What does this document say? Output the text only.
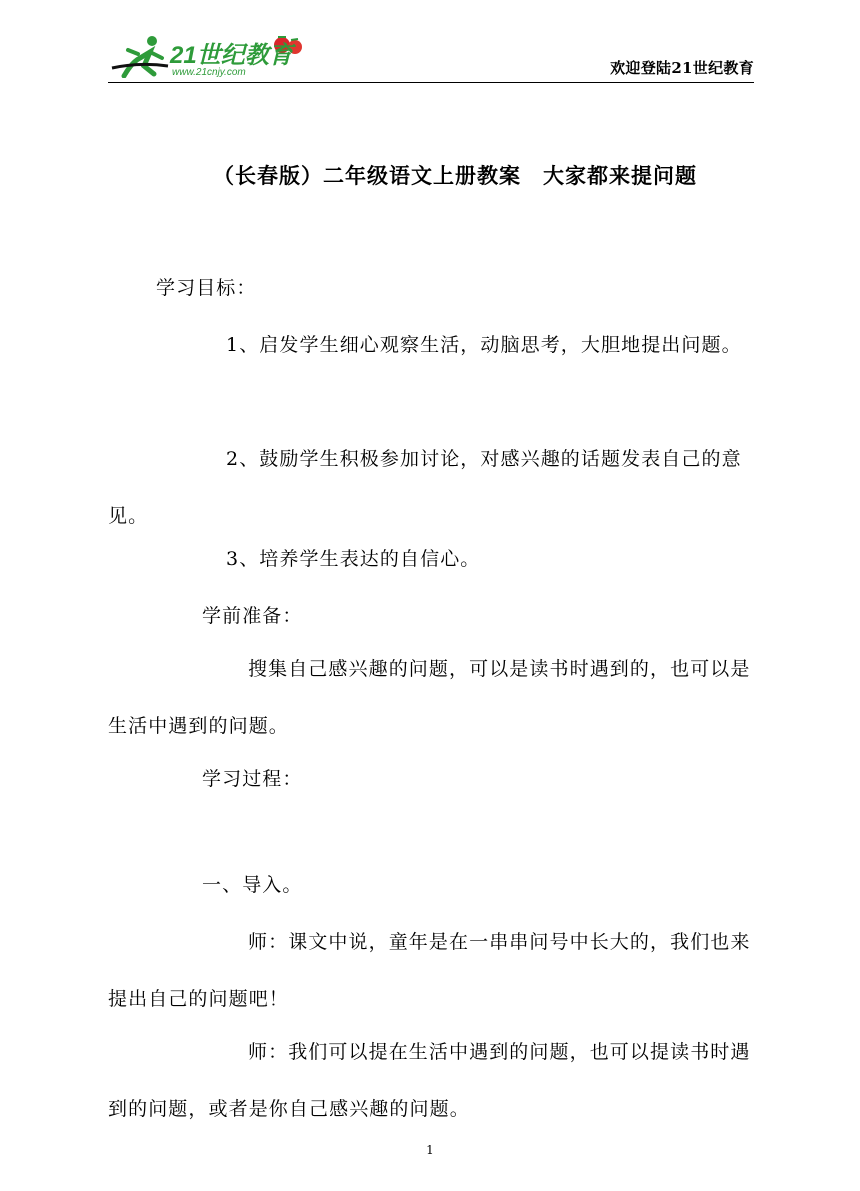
21世纪教育
www.21cnjy.com	欢迎登陆21世纪教育
（长春版）二年级语文上册教案　大家都来提问题

学习目标：

1、启发学生细心观察生活，动脑思考，大胆地提出问题。

2、鼓励学生积极参加讨论，对感兴趣的话题发表自己的意见。

3、培养学生表达的自信心。

学前准备：

搜集自己感兴趣的问题，可以是读书时遇到的，也可以是生活中遇到的问题。

学习过程：

一、导入。

师：课文中说，童年是在一串串问号中长大的，我们也来提出自己的问题吧！

师：我们可以提在生活中遇到的问题，也可以提读书时遇到的问题，或者是你自己感兴趣的问题。

1
